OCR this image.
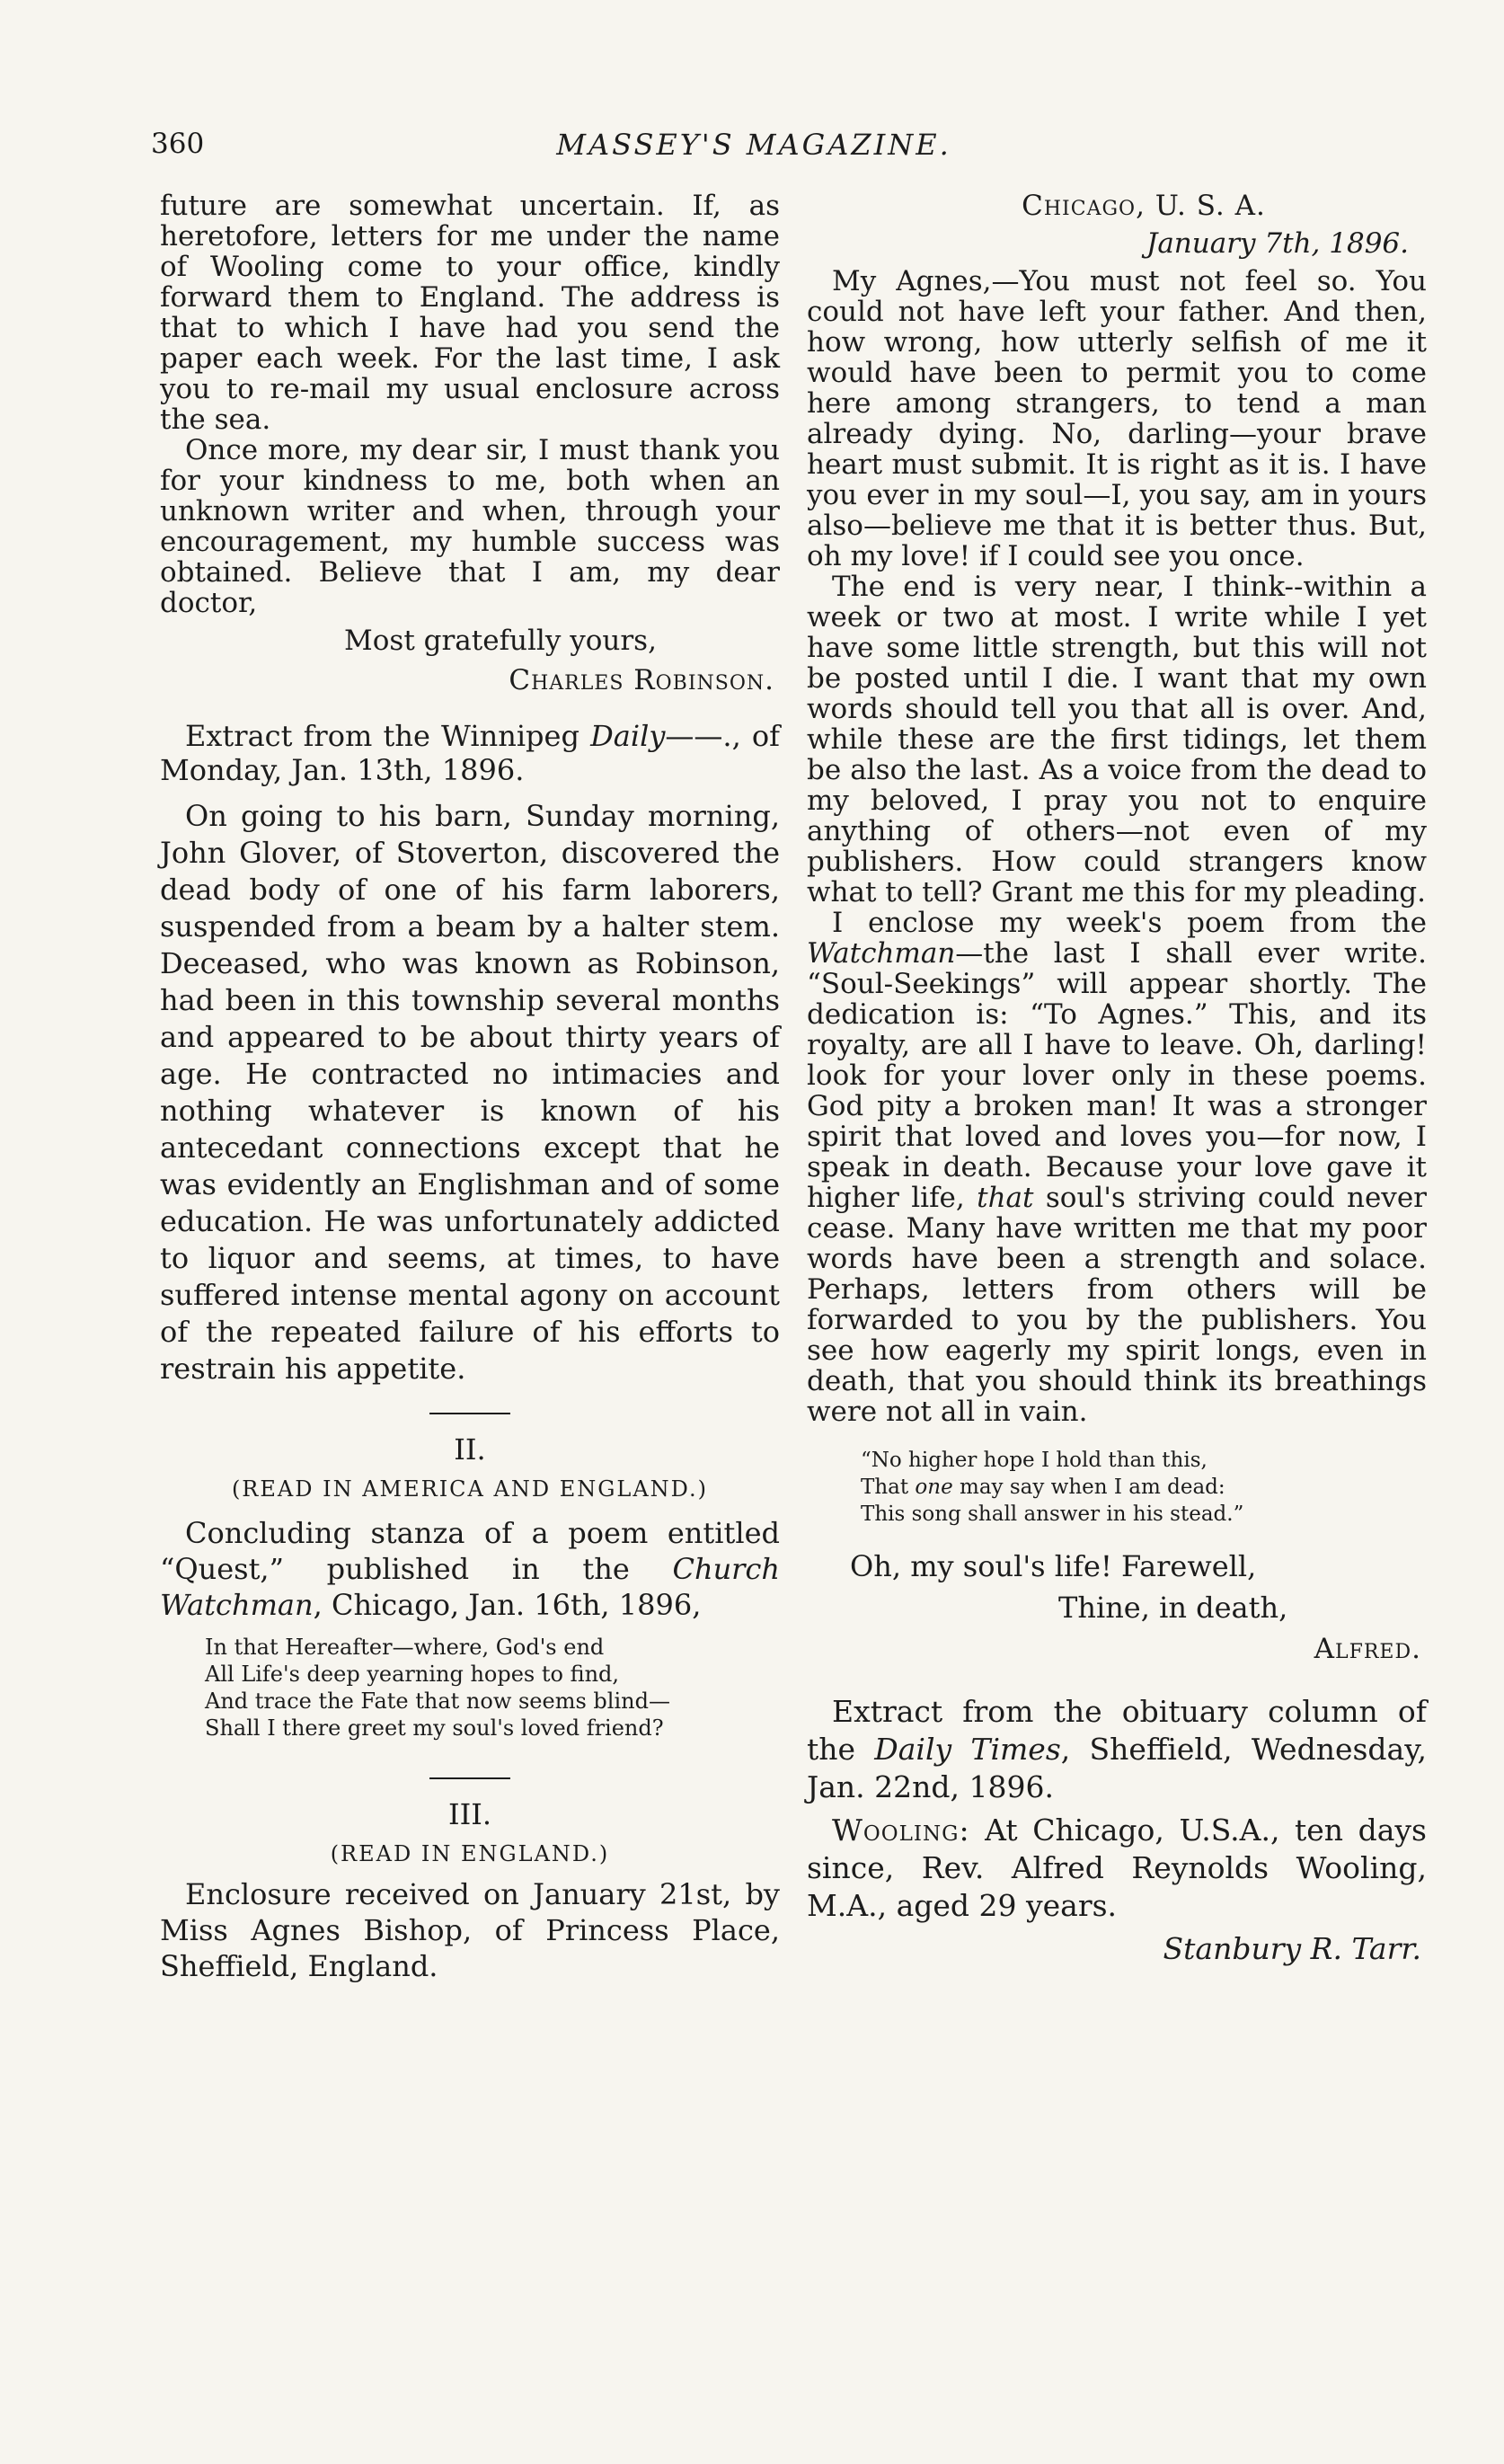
360	MASSEY'S MAGAZINE.

future are somewhat uncertain. If, as heretofore, letters for me under the name of Wooling come to your office, kindly forward them to England. The address is that to which I have had you send the paper each week. For the last time, I ask you to re-mail my usual enclosure across the sea.

Once more, my dear sir, I must thank you for your kindness to me, both when an unknown writer and when, through your encouragement, my humble success was obtained. Believe that I am, my dear doctor,

Most gratefully yours,

Charles Robinson.

Extract from the Winnipeg Daily——., of Monday, Jan. 13th, 1896.

On going to his barn, Sunday morning, John Glover, of Stoverton, discovered the dead body of one of his farm laborers, suspended from a beam by a halter stem. Deceased, who was known as Robinson, had been in this township several months and appeared to be about thirty years of age. He contracted no intimacies and nothing whatever is known of his antecedant connections except that he was evidently an Englishman and of some education. He was unfortunately addicted to liquor and seems, at times, to have suffered intense mental agony on account of the repeated failure of his efforts to restrain his appetite.

II.

(READ IN AMERICA AND ENGLAND.)

Concluding stanza of a poem entitled “Quest,” published in the Church Watchman, Chicago, Jan. 16th, 1896,

In that Hereafter—where, God's end

All Life's deep yearning hopes to find,

And trace the Fate that now seems blind—

Shall I there greet my soul's loved friend?

III.

(READ IN ENGLAND.)

Enclosure received on January 21st, by Miss Agnes Bishop, of Princess Place, Sheffield, England.

Chicago, U. S. A.

January 7th, 1896.

My Agnes,—You must not feel so. You could not have left your father. And then, how wrong, how utterly selfish of me it would have been to permit you to come here among strangers, to tend a man already dying. No, darling—your brave heart must submit. It is right as it is. I have you ever in my soul—I, you say, am in yours also—believe me that it is better thus. But, oh my love! if I could see you once.

The end is very near, I think--within a week or two at most. I write while I yet have some little strength, but this will not be posted until I die. I want that my own words should tell you that all is over. And, while these are the first tidings, let them be also the last. As a voice from the dead to my beloved, I pray you not to enquire anything of others—not even of my publishers. How could strangers know what to tell? Grant me this for my pleading.

I enclose my week's poem from the Watchman—the last I shall ever write. “Soul-Seekings” will appear shortly. The dedication is: “To Agnes.” This, and its royalty, are all I have to leave. Oh, darling! look for your lover only in these poems. God pity a broken man! It was a stronger spirit that loved and loves you—for now, I speak in death. Because your love gave it higher life, that soul's striving could never cease. Many have written me that my poor words have been a strength and solace. Perhaps, letters from others will be forwarded to you by the publishers. You see how eagerly my spirit longs, even in death, that you should think its breathings were not all in vain.

“No higher hope I hold than this,

That one may say when I am dead:

This song shall answer in his stead.”

Oh, my soul's life! Farewell,

Thine, in death,

Alfred.

Extract from the obituary column of the Daily Times, Sheffield, Wednesday, Jan. 22nd, 1896.

Wooling: At Chicago, U.S.A., ten days since, Rev. Alfred Reynolds Wooling, M.A., aged 29 years.

Stanbury R. Tarr.
